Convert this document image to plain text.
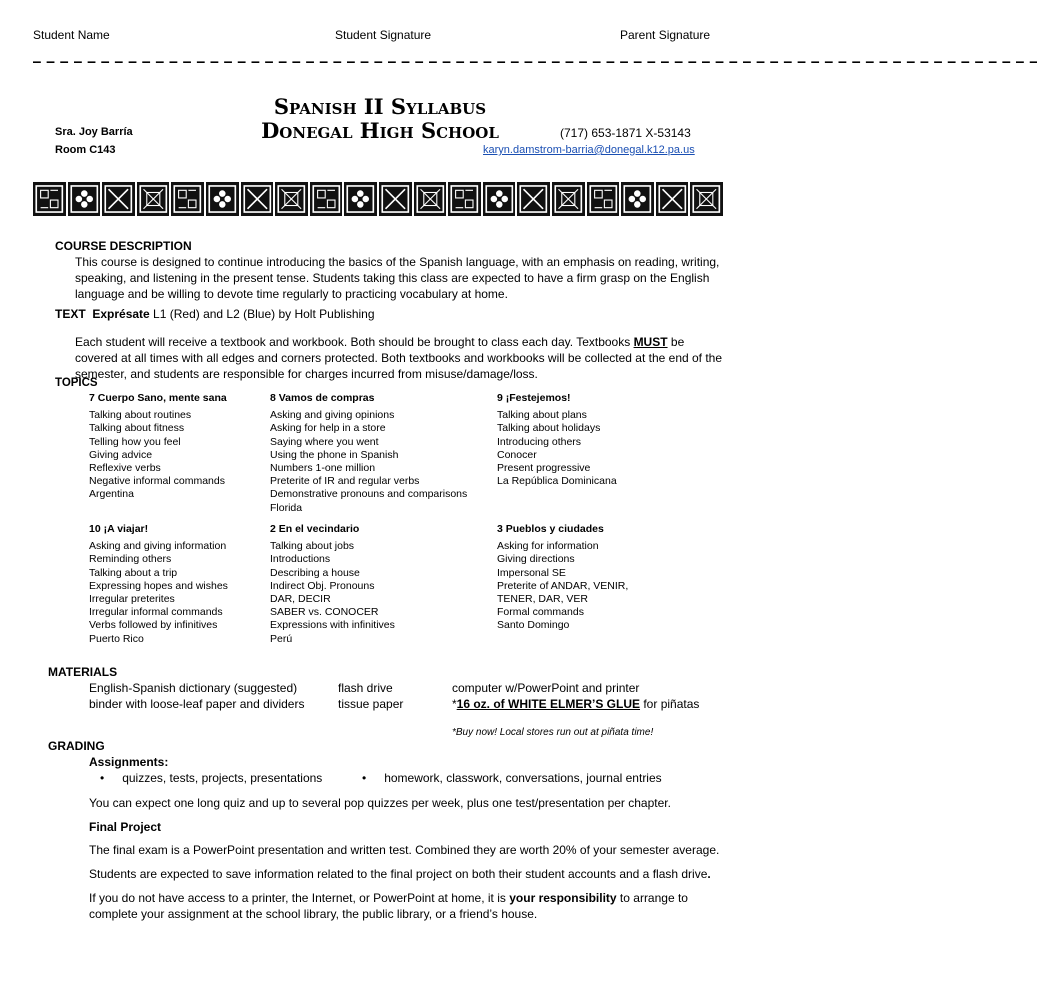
Student Name	Student Signature	Parent Signature
– – – – – – – – – – – – – – – – – – – – – – – – – – – – – – – – – – – – – – – – – – – – – – – – – – – – – – – – – – – – – – – – – – – – – – – – – –
Sra. Joy Barría
Room C143
Spanish II Syllabus
Donegal High School	(717) 653-1871 X-53143
karyn.damstrom-barria@donegal.k12.pa.us
COURSE DESCRIPTION
This course is designed to continue introducing the basics of the Spanish language, with an emphasis on reading, writing, speaking, and listening in the present tense. Students taking this class are expected to have a firm grasp on the English language and be willing to devote time regularly to practicing vocabulary at home.
TEXT Exprésate L1 (Red) and L2 (Blue) by Holt Publishing
Each student will receive a textbook and workbook. Both should be brought to class each day. Textbooks MUST be covered at all times with all edges and corners protected. Both textbooks and workbooks will be collected at the end of the semester, and students are responsible for charges incurred from misuse/damage/loss.
TOPICS
7 Cuerpo Sano, mente sana
Talking about routines
Talking about fitness
Telling how you feel
Giving advice
Reflexive verbs
Negative informal commands
Argentina
8 Vamos de compras
Asking and giving opinions
Asking for help in a store
Saying where you went
Using the phone in Spanish
Numbers 1-one million
Preterite of IR and regular verbs
Demonstrative pronouns and comparisons
Florida
9 ¡Festejemos!
Talking about plans
Talking about holidays
Introducing others
Conocer
Present progressive
La República Dominicana
10 ¡A viajar!
Asking and giving information
Reminding others
Talking about a trip
Expressing hopes and wishes
Irregular preterites
Irregular informal commands
Verbs followed by infinitives
Puerto Rico
2 En el vecindario
Talking about jobs
Introductions
Describing a house
Indirect Obj. Pronouns
DAR, DECIR
SABER vs. CONOCER
Expressions with infinitives
Perú
3 Pueblos y ciudades
Asking for information
Giving directions
Impersonal SE
Preterite of ANDAR, VENIR,
TENER, DAR, VER
Formal commands
Santo Domingo
MATERIALS
English-Spanish dictionary (suggested)
binder with loose-leaf paper and dividers
flash drive
tissue paper
computer w/PowerPoint and printer
*16 oz. of WHITE ELMER’S GLUE for piñatas
*Buy now! Local stores run out at piñata time!
GRADING
Assignments:
• quizzes, tests, projects, presentations
•	homework, classwork, conversations, journal entries
You can expect one long quiz and up to several pop quizzes per week, plus one test/presentation per chapter.
Final Project
The final exam is a PowerPoint presentation and written test. Combined they are worth 20% of your semester average.
Students are expected to save information related to the final project on both their student accounts and a flash drive.
If you do not have access to a printer, the Internet, or PowerPoint at home, it is your responsibility to arrange to complete your assignment at the school library, the public library, or a friend’s house.
